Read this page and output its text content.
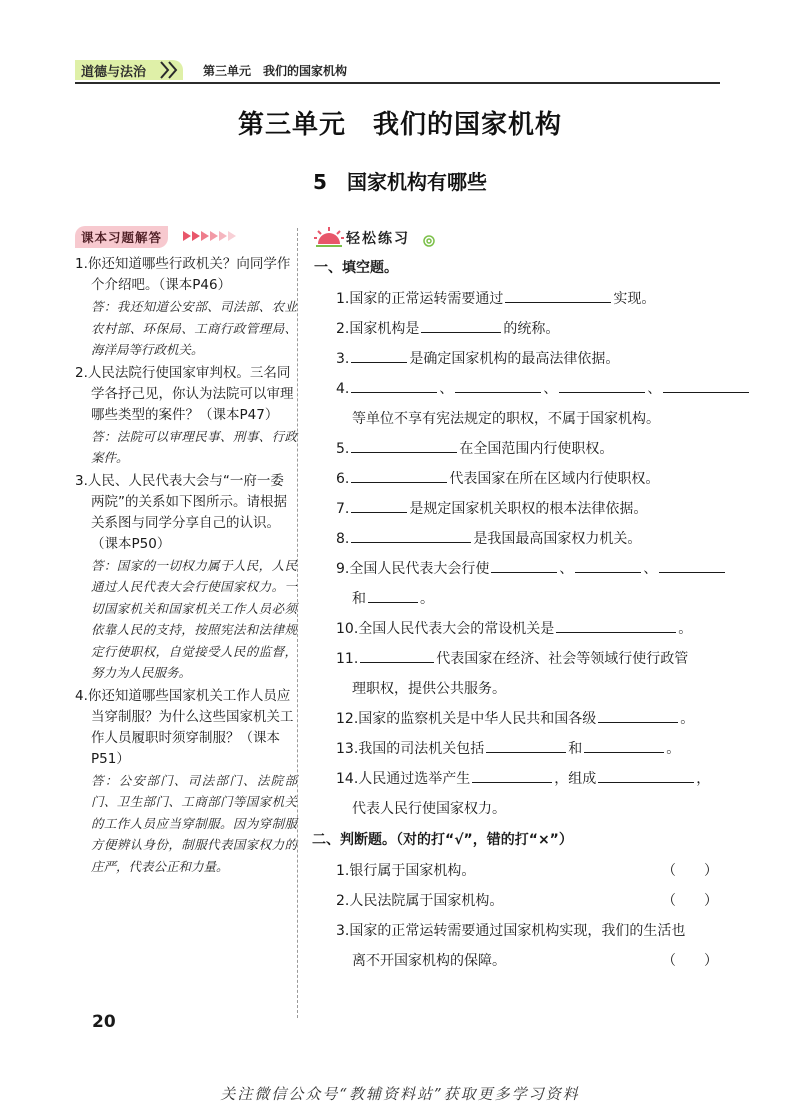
道德与法治	第三单元　我们的国家机构
第三单元　我们的国家机构
5　国家机构有哪些
课本习题解答

1.你还知道哪些行政机关？向同学作个介绍吧。（课本P46）

答：我还知道公安部、司法部、农业农村部、环保局、工商行政管理局、海洋局等行政机关。

2.人民法院行使国家审判权。三名同学各抒己见，你认为法院可以审理哪些类型的案件？（课本P47）

答：法院可以审理民事、刑事、行政案件。

3.人民、人民代表大会与“一府一委两院”的关系如下图所示。请根据关系图与同学分享自己的认识。（课本P50）

答：国家的一切权力属于人民，人民通过人民代表大会行使国家权力。一切国家机关和国家机关工作人员必须依靠人民的支持，按照宪法和法律规定行使职权，自觉接受人民的监督，努力为人民服务。

4.你还知道哪些国家机关工作人员应当穿制服？为什么这些国家机关工作人员履职时须穿制服？（课本P51）

答：公安部门、司法部门、法院部门、卫生部门、工商部门等国家机关的工作人员应当穿制服。因为穿制服方便辨认身份，制服代表国家权力的庄严，代表公正和力量。

轻松练习
一、填空题。
1.国家的正常运转需要通过	实现。
2.国家机构是	的统称。
3.	是确定国家机构的最高法律依据。
4.	、	、	、
等单位不享有宪法规定的职权，不属于国家机构。
5.	在全国范围内行使职权。
6.	代表国家在所在区域内行使职权。
7.	是规定国家机关职权的根本法律依据。
8.	是我国最高国家权力机关。
9.全国人民代表大会行使	、	、
和	。
10.全国人民代表大会的常设机关是	。
11.	代表国家在经济、社会等领域行使行政管
理职权，提供公共服务。
12.国家的监察机关是中华人民共和国各级	。
13.我国的司法机关包括	和	。
14.人民通过选举产生	，组成	，
代表人民行使国家权力。
二、判断题。（对的打“√”，错的打“×”）
1.银行属于国家机构。	（　　）
2.人民法院属于国家机构。	（　　）
3.国家的正常运转需要通过国家机构实现，我们的生活也
离不开国家机构的保障。	（　　）
20
关注微信公众号“教辅资料站”获取更多学习资料
